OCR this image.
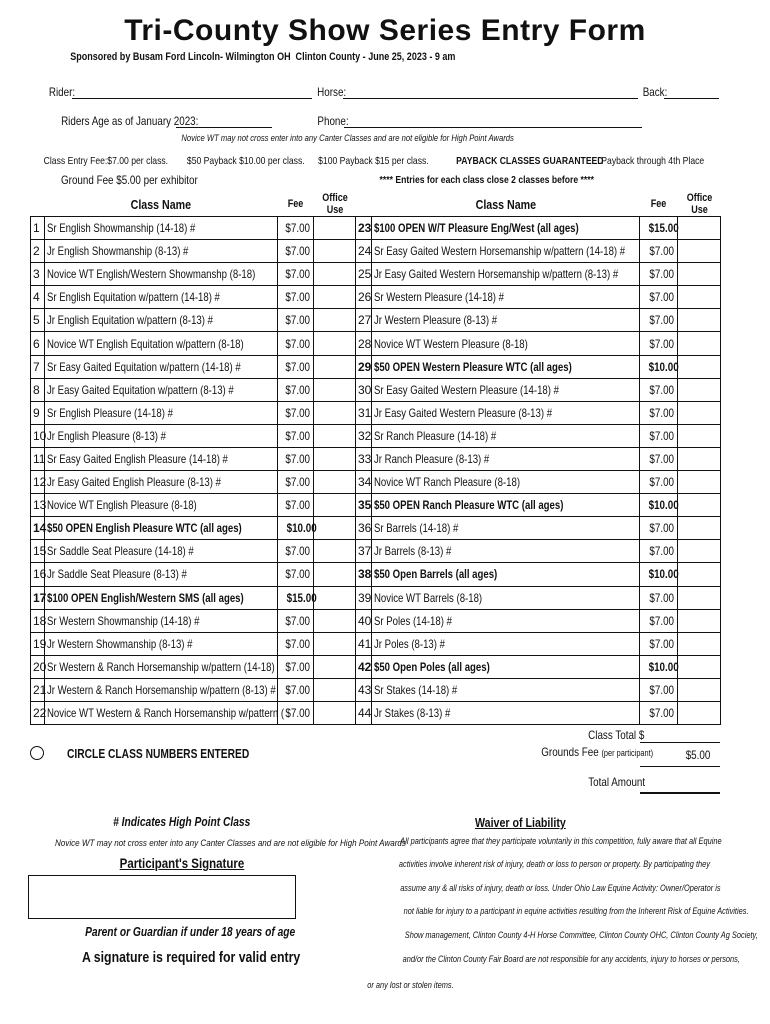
Tri-County Show Series Entry Form
Sponsored by Busam Ford Lincoln- Wilmington OH Clinton County - June 25, 2023 - 9 am
Rider:	Horse:	Back:
Riders Age as of January 2023:	Phone:
Novice WT may not cross enter into any Canter Classes and are not eligible for High Point Awards
Class Entry Fee:$7.00 per class. $50 Payback $10.00 per class. $100 Payback $15 per class.	PAYBACK CLASSES GUARANTEED
Payback through 4th Place
Ground Fee $5.00 per exhibitor	**** Entries for each class close 2 classes before ****
	Class Name	Fee	Office Use
1	Sr English Showmanship (14-18) #	$7.00	
2	Jr English Showmanship (8-13) #	$7.00	
3	Novice WT English/Western Showmanshp (8-18)	$7.00	
4	Sr English Equitation w/pattern (14-18) #	$7.00	
5	Jr English Equitation w/pattern (8-13) #	$7.00	
6	Novice WT English Equitation w/pattern (8-18)	$7.00	
7	Sr Easy Gaited Equitation w/pattern (14-18) #	$7.00	
8	Jr Easy Gaited Equitation w/pattern (8-13) #	$7.00	
9	Sr English Pleasure (14-18) #	$7.00	
10	Jr English Pleasure (8-13) #	$7.00	
11	Sr Easy Gaited English Pleasure (14-18) #	$7.00	
12	Jr Easy Gaited English Pleasure (8-13) #	$7.00	
13	Novice WT English Pleasure (8-18)	$7.00	
14	$50 OPEN English Pleasure WTC (all ages)	$10.00	
15	Sr Saddle Seat Pleasure (14-18) #	$7.00	
16	Jr Saddle Seat Pleasure (8-13) #	$7.00	
17	$100 OPEN English/Western SMS (all ages)	$15.00	
18	Sr Western Showmanship (14-18) #	$7.00	
19	Jr Western Showmanship (8-13) #	$7.00	
20	Sr Western & Ranch Horsemanship w/pattern (14-18)	$7.00	
21	Jr Western & Ranch Horsemanship w/pattern (8-13) #	$7.00	
22	Novice WT Western & Ranch Horsemanship w/pattern (	$7.00	
	Class Name	Fee	Office Use
23	$100 OPEN W/T Pleasure Eng/West (all ages)	$15.00	
24	Sr Easy Gaited Western Horsemanship w/pattern (14-18) #	$7.00	
25	Jr Easy Gaited Western Horsemanship w/pattern (8-13) #	$7.00	
26	Sr Western Pleasure (14-18) #	$7.00	
27	Jr Western Pleasure (8-13) #	$7.00	
28	Novice WT Western Pleasure (8-18)	$7.00	
29	$50 OPEN Western Pleasure WTC (all ages)	$10.00	
30	Sr Easy Gaited Western Pleasure (14-18) #	$7.00	
31	Jr Easy Gaited Western Pleasure (8-13) #	$7.00	
32	Sr Ranch Pleasure (14-18) #	$7.00	
33	Jr Ranch Pleasure (8-13) #	$7.00	
34	Novice WT Ranch Pleasure (8-18)	$7.00	
35	$50 OPEN Ranch Pleasure WTC (all ages)	$10.00	
36	Sr Barrels (14-18) #	$7.00	
37	Jr Barrels (8-13) #	$7.00	
38	$50 Open Barrels (all ages)	$10.00	
39	Novice WT Barrels (8-18)	$7.00	
40	Sr Poles (14-18) #	$7.00	
41	Jr Poles (8-13) #	$7.00	
42	$50 Open Poles (all ages)	$10.00	
43	Sr Stakes (14-18) #	$7.00	
44	Jr Stakes (8-13) #	$7.00	
Class Total $
Grounds Fee (per participant)	$5.00
Total Amount
CIRCLE CLASS NUMBERS ENTERED
# Indicates High Point Class
Novice WT may not cross enter into any Canter Classes and are not eligible for High Point Awards
Participant's Signature
Parent or Guardian if under 18 years of age
A signature is required for valid entry
Waiver of Liability
All participants agree that they participate voluntarily in this competition, fully aware that all Equine
activities involve inherent risk of injury, death or loss to person or property. By participating they
assume any & all risks of injury, death or loss. Under Ohio Law Equine Activity: Owner/Operator is
not liable for injury to a participant in equine activities resulting from the Inherent Risk of Equine Activities.
Show management, Clinton County 4-H Horse Committee, Clinton County OHC, Clinton County Ag Society,
and/or the Clinton County Fair Board are not responsible for any accidents, injury to horses or persons,
or any lost or stolen items.
